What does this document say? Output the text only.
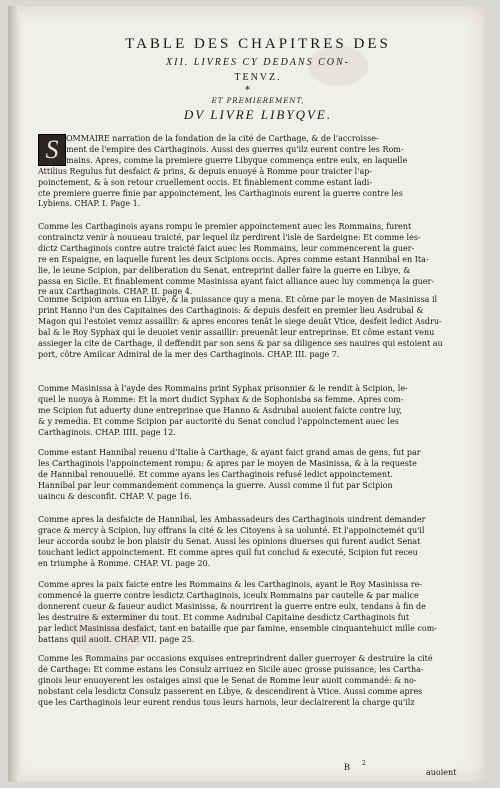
TABLE DES CHAPITRES DES
XII. LIVRES CY DEDANS CON-
TENVZ.
*
ET PREMIEREMENT,
DV LIVRE LIBYQVE.
S OMMAIRE narration de la fondation de la cité de Carthage, & de l'accroisse-
ment de l'empire des Carthaginois. Aussi des guerres qu'ilz eurent contre les Rom-
mains. Apres, comme la premiere guerre Libyque commença entre eulx, en laquelle
Attilius Regulus fut desfaict & prins, & depuis enuoyé à Romme pour traicter l'ap-
poinctement, & à son retour cruellement occis. Et finablement comme estant ladi-
cte premiere guerre finie par appoinctement, les Carthaginois eurent la guerre contre les
Lybiens. CHAP. I. Page 1.
Comme les Carthaginois ayans rompu le premier appoinctement auec les Rommains, furent
contrainctz venir à nouueau traicté, par lequel ilz perdirent l'isle de Sardeigne: Et comme les-
dictz Carthaginois contre autre traicté faict auec les Rommains, leur commencerent la guer-
re en Espaigne, en laquelle furent les deux Scipions occis. Apres comme estant Hannibal en Ita-
lie, le ieune Scipion, par deliberation du Senat, entreprint daller faire la guerre en Libye, &
passa en Sicile. Et finablement comme Masinissa ayant faict alliance auec luy commença la guer-
re aux Carthaginois. CHAP. II. page 4.
Comme Scipion arriua en Libye, & la puissance quy a mena. Et côme par le moyen de Masinissa il
print Hanno l'un des Capitaines des Carthaginois: & depuis desfeit en premier lieu Asdrubal &
Magon qui l'estoiet venuz assaillir: & apres encores tenât le siege deuât Vtice, desfeit ledict Asdru-
bal & le Roy Syphax qui le deuoiet venir assaillir: preuenât leur entreprinse. Et côme estant venu
assieger la cite de Carthage, il deffendit par son sens & par sa diligence ses nauires qui estoient au
port, côtre Amilcar Admiral de la mer des Carthaginois. CHAP. III. page 7.
Comme Masinissa à l'ayde des Rommains print Syphax prisonnier & le rendit à Scipion, le-
quel le nuoya à Romme: Et la mort dudict Syphax & de Sophonisba sa femme. Apres com-
me Scipion fut aduerty dune entreprinse que Hanno & Asdrubal auoient faicte contre luy,
& y remedia. Et comme Scipion par auctorité du Senat conclud l'appoinctement auec les
Carthaginois. CHAP. IIII. page 12.
Comme estant Hannibal reuenu d'Italie à Carthage, & ayant faict grand amas de gens, fut par
les Carthaginois l'appoinctement rompu: & apres par le moyen de Masinissa, & à la requeste
de Hannibal renouuellé. Et comme ayans les Carthaginois refusé ledict appoinctement.
Hannibal par leur commandement commença la guerre. Aussi comme il fut par Scipion
uaincu & desconfit. CHAP. V. page 16.
Comme apres la desfaicte de Hannibal, les Ambassadeurs des Carthaginois uindrent demander
grace & mercy à Scipion, luy offrans la cité & les Citoyens à sa uolunté. Et l'appoinctemét qu'il
leur accorda soubz le bon plaisir du Senat. Aussi les opinions diuerses qui furent audict Senat
touchant ledict appoinctement. Et comme apres quil fut conclud & executé, Scipion fut receu
en triumphe à Romme. CHAP. VI. page 20.
Comme apres la paix faicte entre les Rommains & les Carthaginois, ayant le Roy Masinissa re-
commencé la guerre contre lesdictz Carthaginois, iceulx Rommains par cautelle & par malice
donnerent cueur & faueur audict Masinissa, & nourrirent la guerre entre eulx, tendans à fin de
les destruire & exterminer du tout. Et comme Asdrubal Capitaine desdictz Carthaginois fut
par ledict Masinissa desfaict, tant en bataille que par famine, ensemble cinquantehuict mille com-
battans quil auoit. CHAP. VII. page 25.
Comme les Rommains par occasions exquises entreprindrent daller guerroyer & destruire la cité
de Carthage: Et comme estans les Consulz arriuez en Sicile auec grosse puissance, les Cartha-
ginois leur enuoyerent les ostaiges ainsi que le Senat de Romme leur auoit commandé: & no-
nobstant cela lesdictz Consulz passerent en Libye, & descendirent à Vtice. Aussi comme apres
que les Carthaginois leur eurent rendus tous leurs harnois, leur declairerent la charge qu'ilz
B 2
auoient
